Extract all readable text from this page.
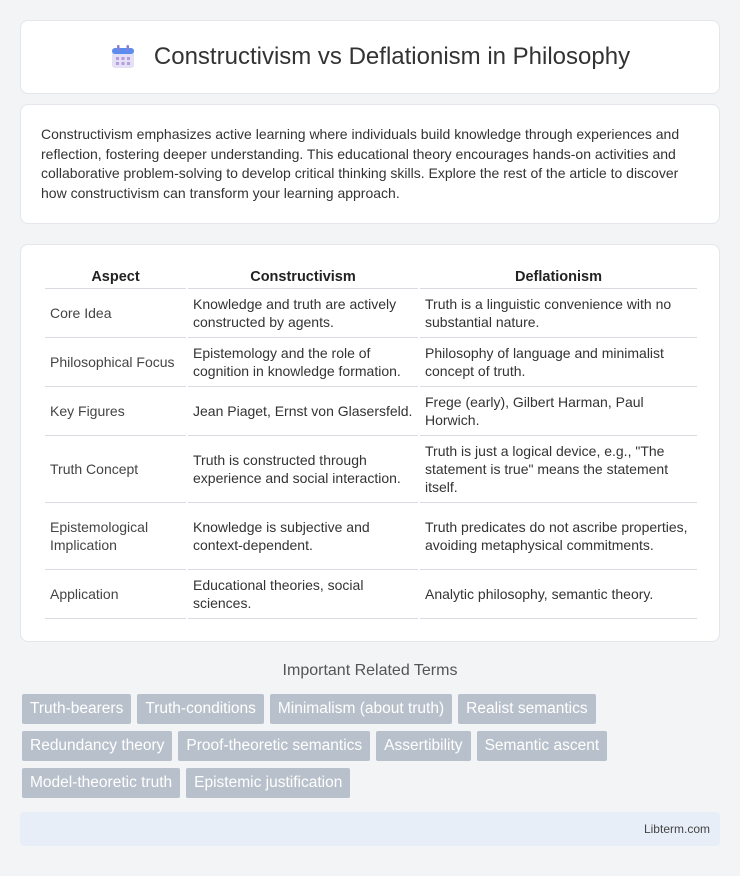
Constructivism vs Deflationism in Philosophy

Constructivism emphasizes active learning where individuals build knowledge through experiences and reflection, fostering deeper understanding. This educational theory encourages hands-on activities and collaborative problem-solving to develop critical thinking skills. Explore the rest of the article to discover how constructivism can transform your learning approach.

Aspect	Constructivism	Deflationism
Core Idea	Knowledge and truth are actively constructed by agents.	Truth is a linguistic convenience with no substantial nature.
Philosophical Focus	Epistemology and the role of cognition in knowledge formation.	Philosophy of language and minimalist concept of truth.
Key Figures	Jean Piaget, Ernst von Glasersfeld.	Frege (early), Gilbert Harman, Paul Horwich.
Truth Concept	Truth is constructed through experience and social interaction.	Truth is just a logical device, e.g., "The statement is true" means the statement itself.
Epistemological Implication	Knowledge is subjective and context-dependent.	Truth predicates do not ascribe properties, avoiding metaphysical commitments.
Application	Educational theories, social sciences.	Analytic philosophy, semantic theory.
Important Related Terms
Truth-bearers	Truth-conditions	Minimalism (about truth)	Realist semantics
Redundancy theory	Proof-theoretic semantics	Assertibility	Semantic ascent
Model-theoretic truth	Epistemic justification
Libterm.com
